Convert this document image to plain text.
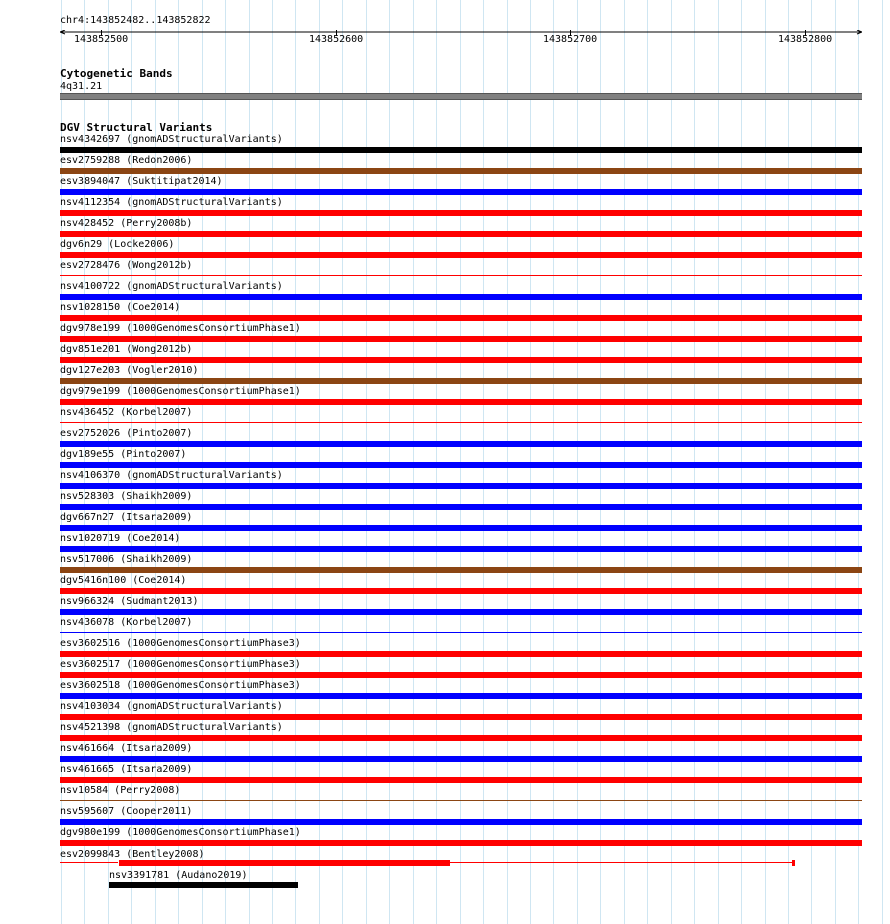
chr4:143852482..143852822
143852500	143852600	143852700	143852800
Cytogenetic Bands
4q31.21
DGV Structural Variants
nsv4342697 (gnomADStructuralVariants)
esv2759288 (Redon2006)
esv3894047 (Suktitipat2014)
nsv4112354 (gnomADStructuralVariants)
nsv428452 (Perry2008b)
dgv6n29 (Locke2006)
esv2728476 (Wong2012b)
nsv4100722 (gnomADStructuralVariants)
nsv1028150 (Coe2014)
dgv978e199 (1000GenomesConsortiumPhase1)
dgv851e201 (Wong2012b)
dgv127e203 (Vogler2010)
dgv979e199 (1000GenomesConsortiumPhase1)
nsv436452 (Korbel2007)
esv2752026 (Pinto2007)
dgv189e55 (Pinto2007)
nsv4106370 (gnomADStructuralVariants)
nsv528303 (Shaikh2009)
dgv667n27 (Itsara2009)
nsv1020719 (Coe2014)
nsv517006 (Shaikh2009)
dgv5416n100 (Coe2014)
nsv966324 (Sudmant2013)
nsv436078 (Korbel2007)
esv3602516 (1000GenomesConsortiumPhase3)
esv3602517 (1000GenomesConsortiumPhase3)
esv3602518 (1000GenomesConsortiumPhase3)
nsv4103034 (gnomADStructuralVariants)
nsv4521398 (gnomADStructuralVariants)
nsv461664 (Itsara2009)
nsv461665 (Itsara2009)
nsv10584 (Perry2008)
nsv595607 (Cooper2011)
dgv980e199 (1000GenomesConsortiumPhase1)
esv2099843 (Bentley2008)
nsv3391781 (Audano2019)
